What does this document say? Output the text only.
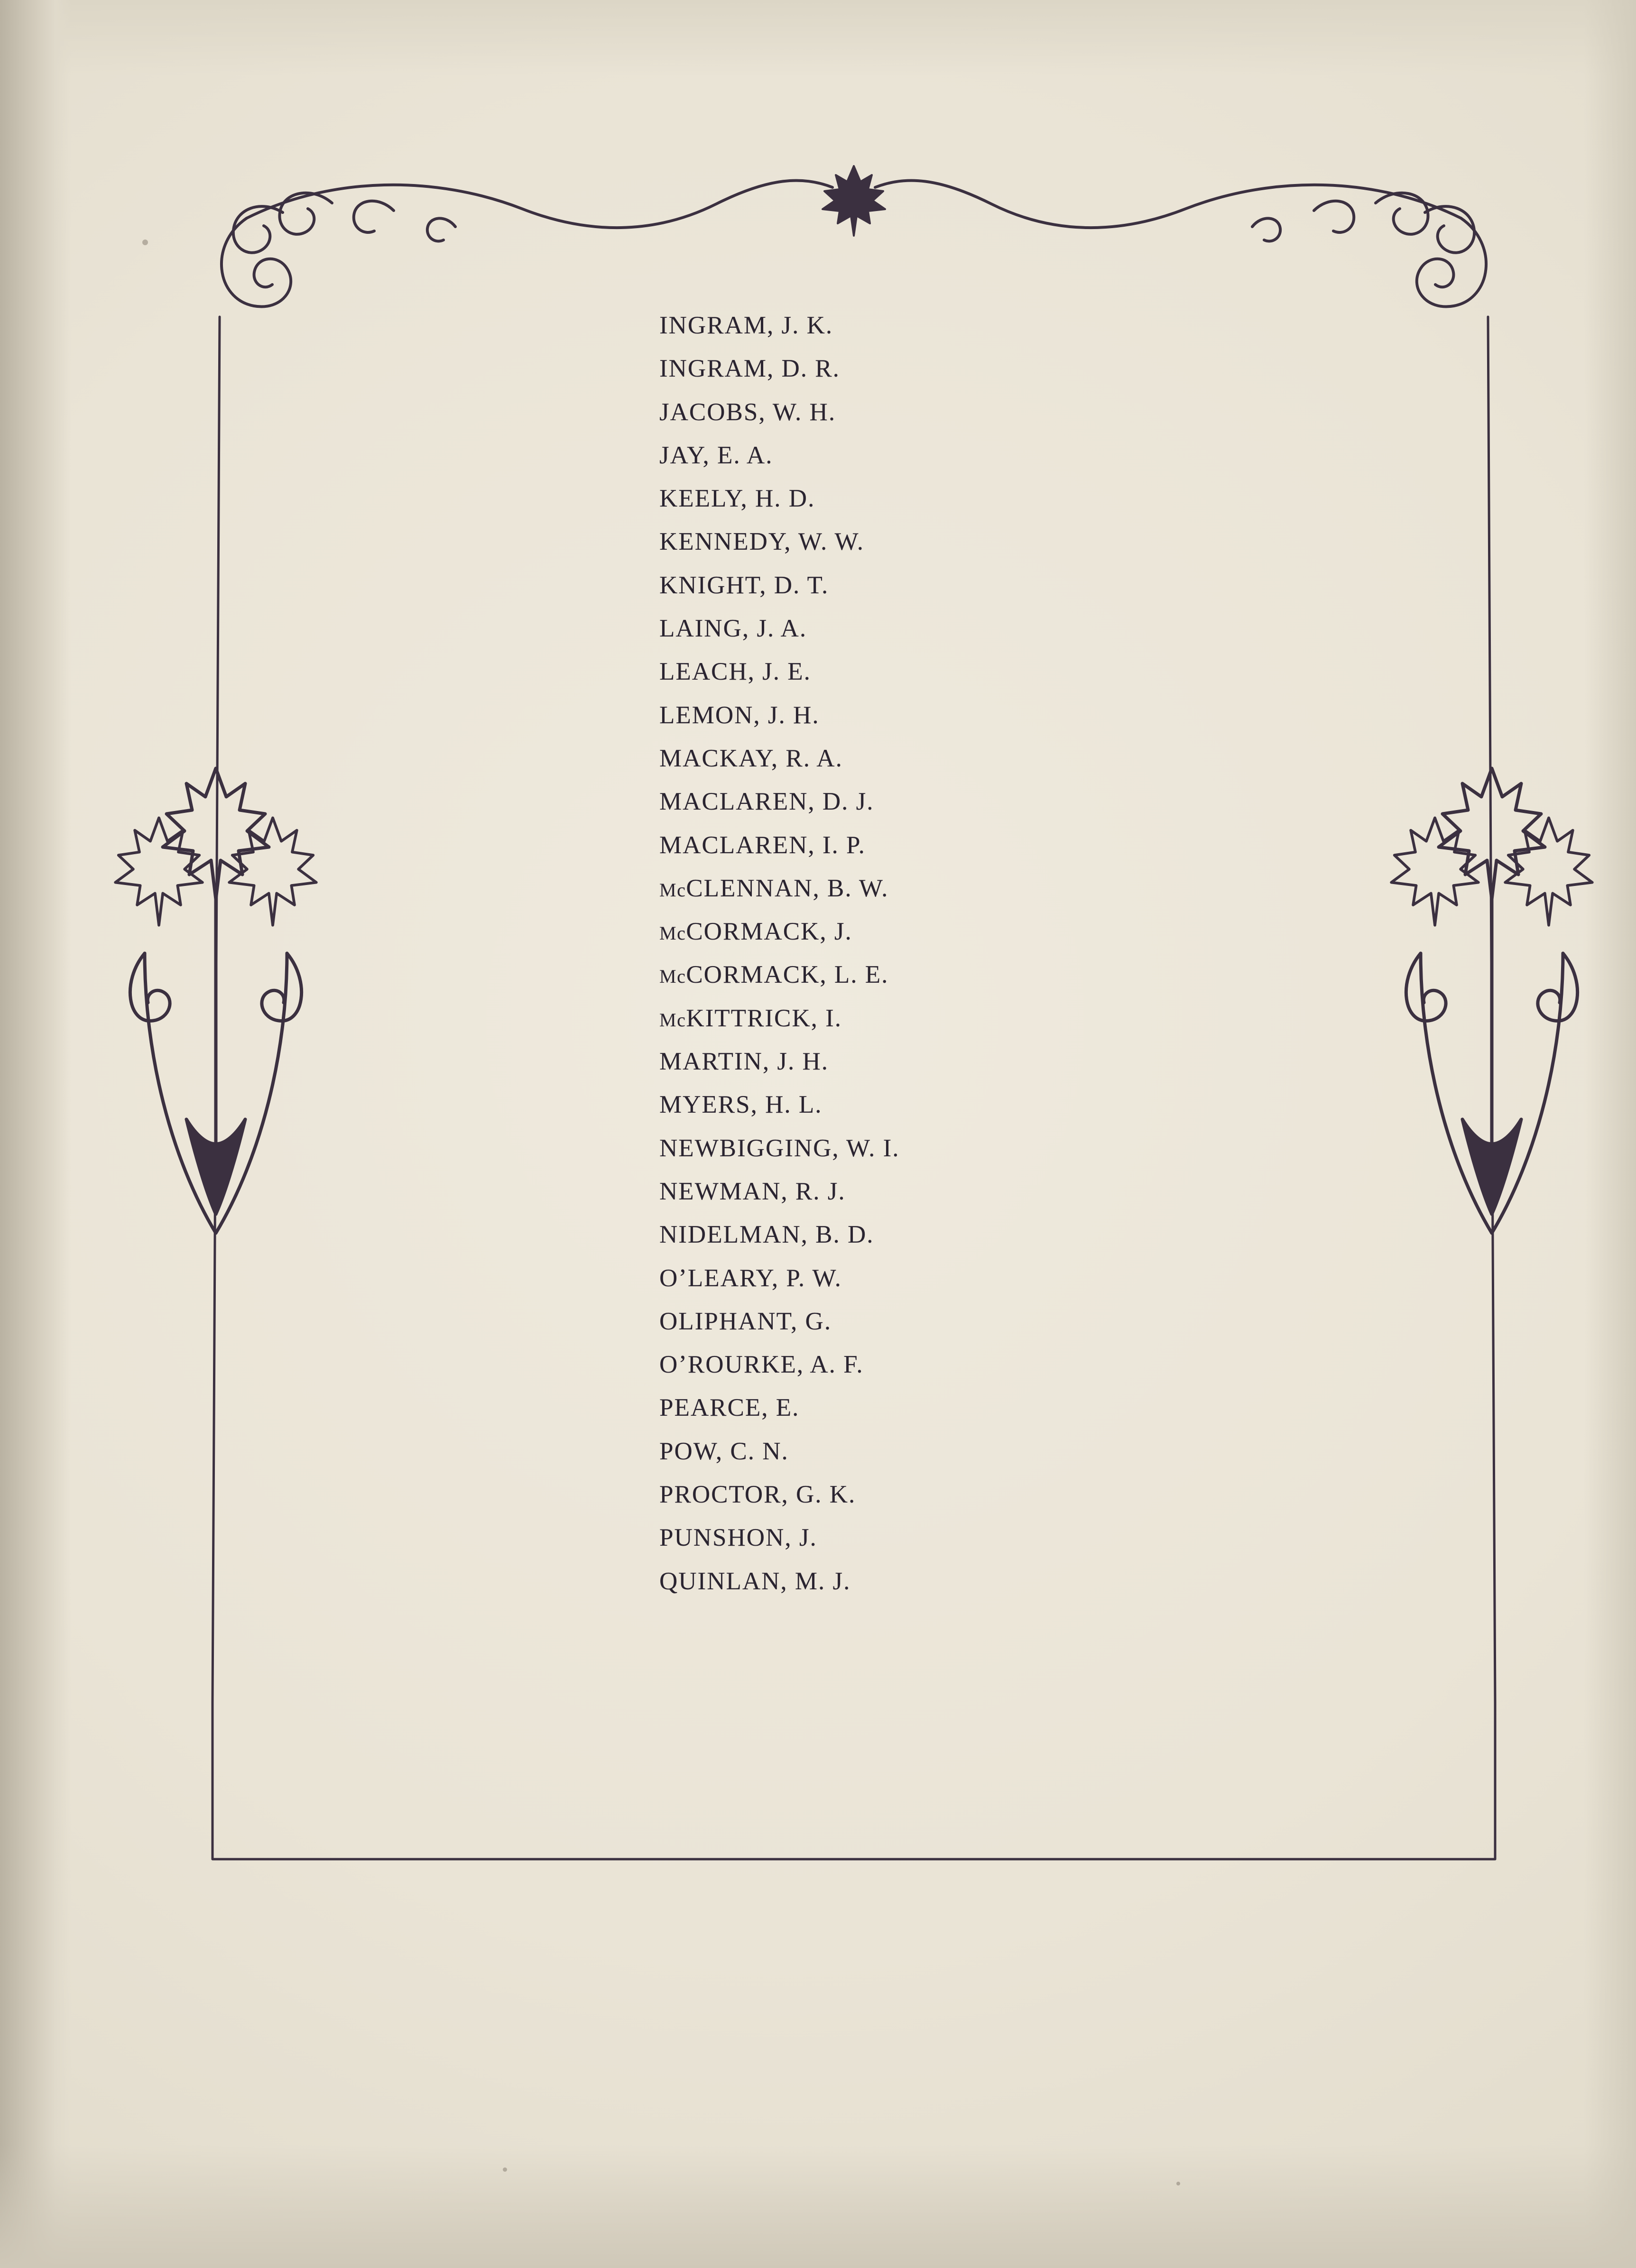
INGRAM, J. K.
INGRAM, D. R.
JACOBS, W. H.
JAY, E. A.
KEELY, H. D.
KENNEDY, W. W.
KNIGHT, D. T.
LAING, J. A.
LEACH, J. E.
LEMON, J. H.
MACKAY, R. A.
MACLAREN, D. J.
MACLAREN, I. P.
McCLENNAN, B. W.
McCORMACK, J.
McCORMACK, L. E.
McKITTRICK, I.
MARTIN, J. H.
MYERS, H. L.
NEWBIGGING, W. I.
NEWMAN, R. J.
NIDELMAN, B. D.
O’LEARY, P. W.
OLIPHANT, G.
O’ROURKE, A. F.
PEARCE, E.
POW, C. N.
PROCTOR, G. K.
PUNSHON, J.
QUINLAN, M. J.
